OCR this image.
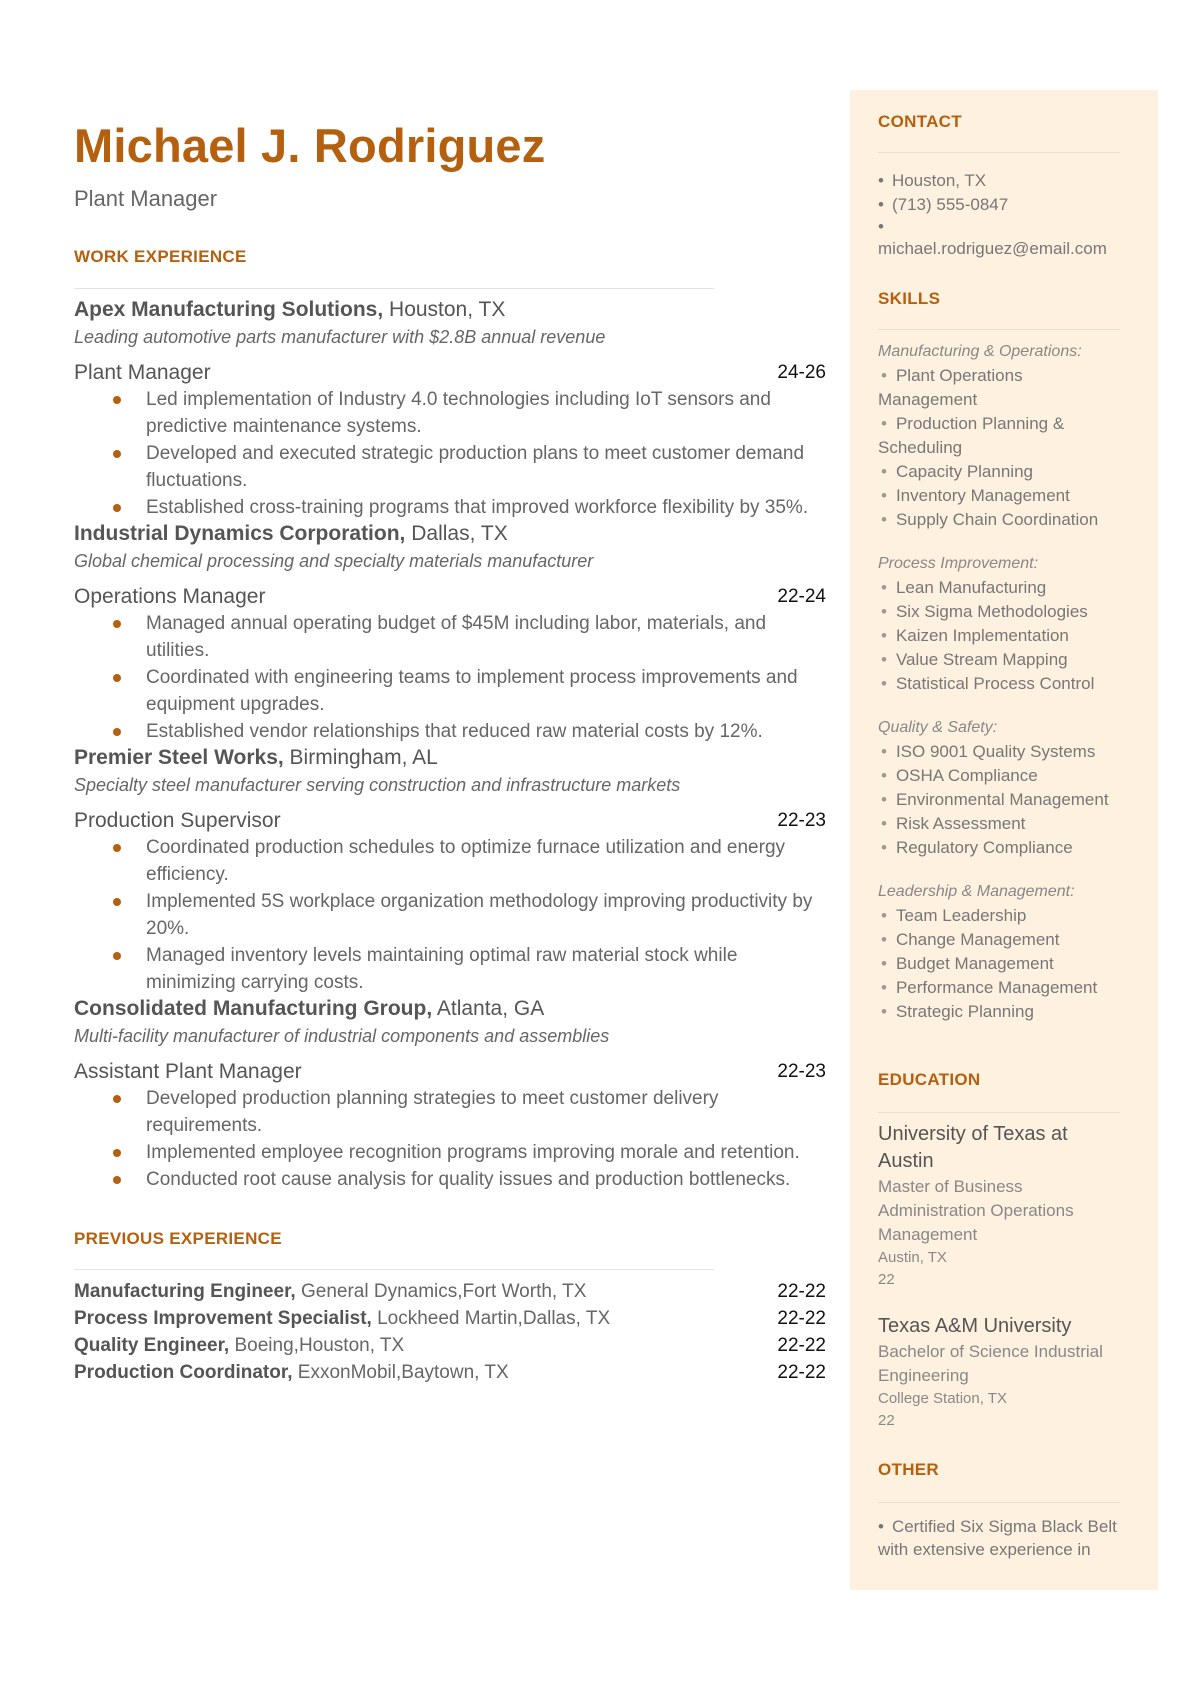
Michael J. Rodriguez
Plant Manager
WORK EXPERIENCE
Apex Manufacturing Solutions, Houston, TX
Leading automotive parts manufacturer with $2.8B annual revenue
Plant Manager	24-26
Led implementation of Industry 4.0 technologies including IoT sensors and predictive maintenance systems.
Developed and executed strategic production plans to meet customer demand fluctuations.
Established cross-training programs that improved workforce flexibility by 35%.
Industrial Dynamics Corporation, Dallas, TX
Global chemical processing and specialty materials manufacturer
Operations Manager	22-24
Managed annual operating budget of $45M including labor, materials, and utilities.
Coordinated with engineering teams to implement process improvements and equipment upgrades.
Established vendor relationships that reduced raw material costs by 12%.
Premier Steel Works, Birmingham, AL
Specialty steel manufacturer serving construction and infrastructure markets
Production Supervisor	22-23
Coordinated production schedules to optimize furnace utilization and energy efficiency.
Implemented 5S workplace organization methodology improving productivity by 20%.
Managed inventory levels maintaining optimal raw material stock while minimizing carrying costs.
Consolidated Manufacturing Group, Atlanta, GA
Multi-facility manufacturer of industrial components and assemblies
Assistant Plant Manager	22-23
Developed production planning strategies to meet customer delivery requirements.
Implemented employee recognition programs improving morale and retention.
Conducted root cause analysis for quality issues and production bottlenecks.
PREVIOUS EXPERIENCE
Manufacturing Engineer, General Dynamics,Fort Worth, TX	22-22
Process Improvement Specialist, Lockheed Martin,Dallas, TX	22-22
Quality Engineer, Boeing,Houston, TX	22-22
Production Coordinator, ExxonMobil,Baytown, TX	22-22
CONTACT
• Houston, TX
• (713) 555-0847
•
michael.rodriguez@email.com
SKILLS
Manufacturing & Operations:
• Plant Operations Management
• Production Planning & Scheduling
• Capacity Planning
• Inventory Management
• Supply Chain Coordination
Process Improvement:
• Lean Manufacturing
• Six Sigma Methodologies
• Kaizen Implementation
• Value Stream Mapping
• Statistical Process Control
Quality & Safety:
• ISO 9001 Quality Systems
• OSHA Compliance
• Environmental Management
• Risk Assessment
• Regulatory Compliance
Leadership & Management:
• Team Leadership
• Change Management
• Budget Management
• Performance Management
• Strategic Planning
EDUCATION
University of Texas at Austin
Master of Business Administration Operations Management
Austin, TX
22
Texas A&M University
Bachelor of Science Industrial Engineering
College Station, TX
22
OTHER
• Certified Six Sigma Black Belt with extensive experience in
